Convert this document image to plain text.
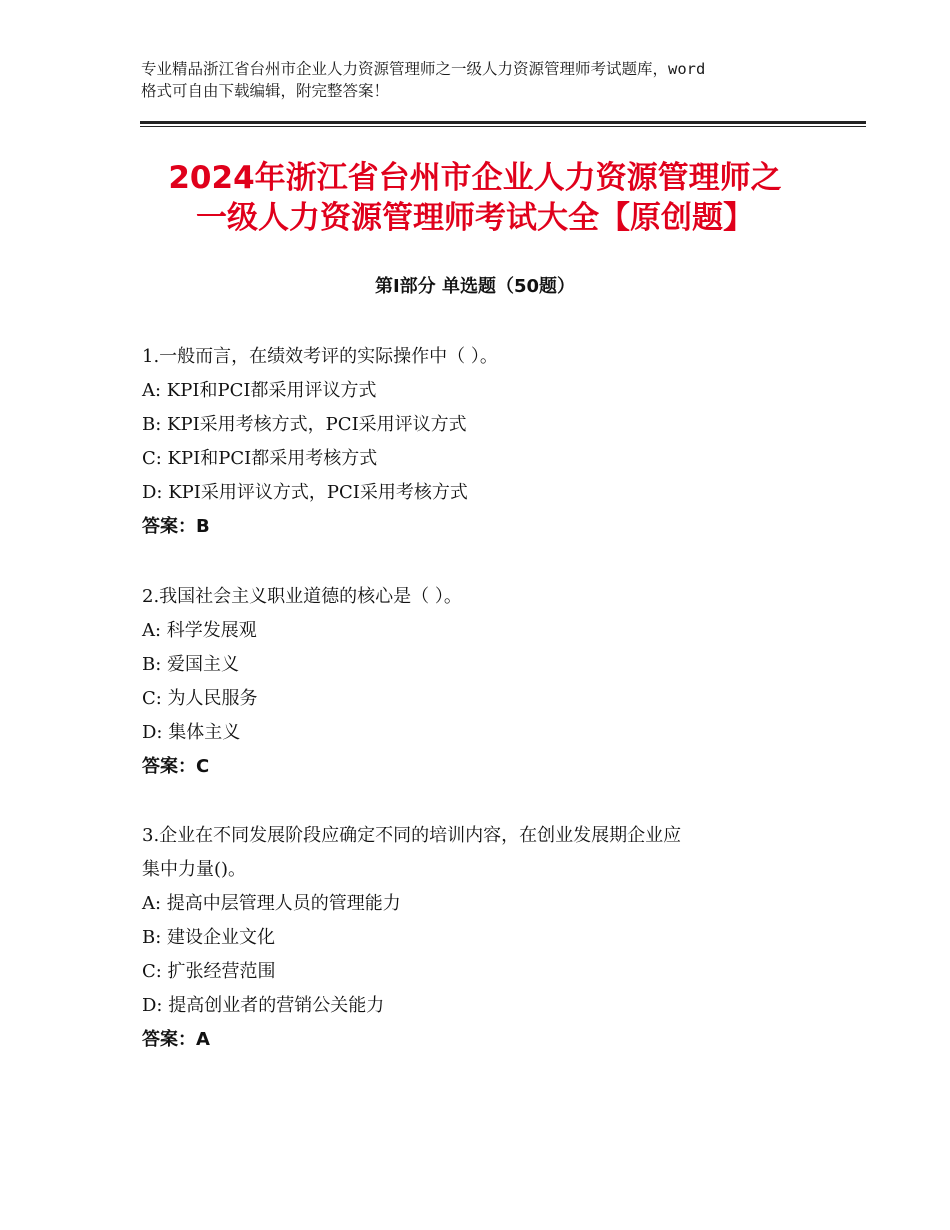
专业精品浙江省台州市企业人力资源管理师之一级人力资源管理师考试题库，word
格式可自由下载编辑，附完整答案！
2024年浙江省台州市企业人力资源管理师之
一级人力资源管理师考试大全【原创题】
第Ⅰ部分 单选题（50题）
1.一般而言，在绩效考评的实际操作中（ ）。
A: KPI和PCI都采用评议方式
B: KPI采用考核方式，PCI采用评议方式
C: KPI和PCI都采用考核方式
D: KPI采用评议方式，PCI采用考核方式
答案：B
2.我国社会主义职业道德的核心是（ ）。
A: 科学发展观
B: 爱国主义
C: 为人民服务
D: 集体主义
答案：C
3.企业在不同发展阶段应确定不同的培训内容，在创业发展期企业应
集中力量()。
A: 提高中层管理人员的管理能力
B: 建设企业文化
C: 扩张经营范围
D: 提高创业者的营销公关能力
答案：A
